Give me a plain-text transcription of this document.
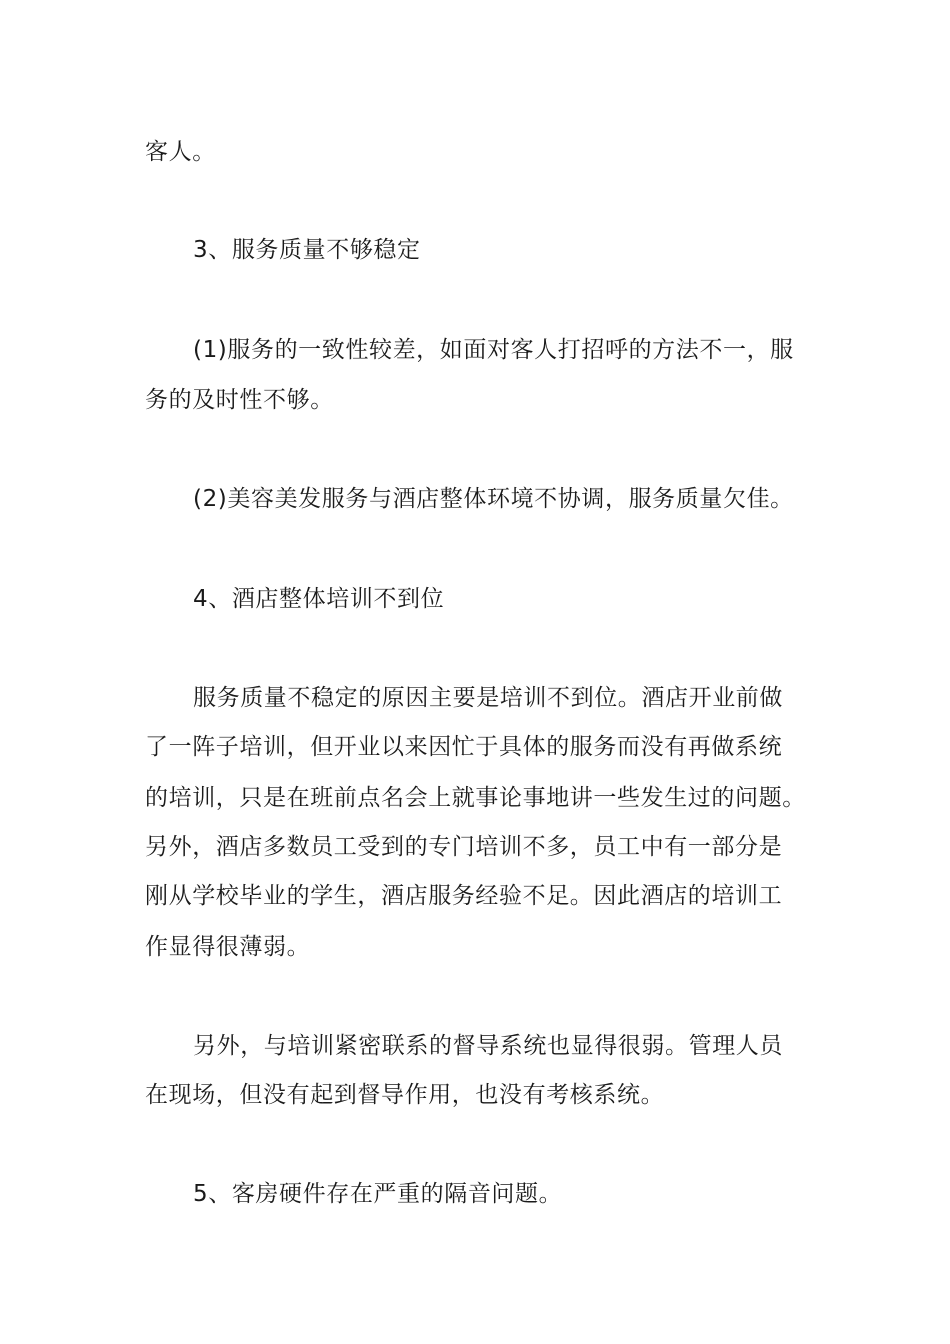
客人。
3、服务质量不够稳定
(1)服务的一致性较差，如面对客人打招呼的方法不一，服
务的及时性不够。
(2)美容美发服务与酒店整体环境不协调，服务质量欠佳。
4、酒店整体培训不到位
服务质量不稳定的原因主要是培训不到位。酒店开业前做
了一阵子培训，但开业以来因忙于具体的服务而没有再做系统
的培训，只是在班前点名会上就事论事地讲一些发生过的问题。
另外，酒店多数员工受到的专门培训不多，员工中有一部分是
刚从学校毕业的学生，酒店服务经验不足。因此酒店的培训工
作显得很薄弱。
另外，与培训紧密联系的督导系统也显得很弱。管理人员
在现场，但没有起到督导作用，也没有考核系统。
5、客房硬件存在严重的隔音问题。
